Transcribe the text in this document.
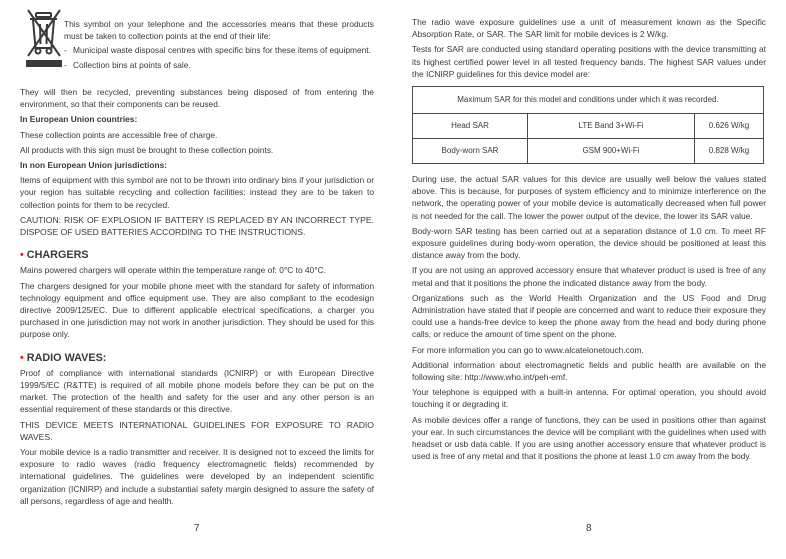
This symbol on your telephone and the accessories means that these products must be taken to collection points at the end of their life:

- Municipal waste disposal centres with specific bins for these items of equipment.
- Collection bins at points of sale.

They will then be recycled, preventing substances being disposed of from entering the environment, so that their components can be reused.

In European Union countries:

These collection points are accessible free of charge.

All products with this sign must be brought to these collection points.

In non European Union jurisdictions:

Items of equipment with this symbol are not to be thrown into ordinary bins if your jurisdiction or your region has suitable recycling and collection facilities; instead they are to be taken to collection points for them to be recycled.

CAUTION: RISK OF EXPLOSION IF BATTERY IS REPLACED BY AN INCORRECT TYPE. DISPOSE OF USED BATTERIES ACCORDING TO THE INSTRUCTIONS.

• CHARGERS

Mains powered chargers will operate within the temperature range of: 0°C to 40°C.

The chargers designed for your mobile phone meet with the standard for safety of information technology equipment and office equipment use. They are also compliant to the ecodesign directive 2009/125/EC. Due to different applicable electrical specifications, a charger you purchased in one jurisdiction may not work in another jurisdiction. They should be used for this purpose only.

• RADIO WAVES:

Proof of compliance with international standards (ICNIRP) or with European Directive 1999/5/EC (R&TTE) is required of all mobile phone models before they can be put on the market. The protection of the health and safety for the user and any other person is an essential requirement of these standards or this directive.

THIS DEVICE MEETS INTERNATIONAL GUIDELINES FOR EXPOSURE TO RADIO WAVES.

Your mobile device is a radio transmitter and receiver. It is designed not to exceed the limits for exposure to radio waves (radio frequency electromagnetic fields) recommended by international guidelines. The guidelines were developed by an independent scientific organization (ICNIRP) and include a substantial safety margin designed to assure the safety of all persons, regardless of age and health.

The radio wave exposure guidelines use a unit of measurement known as the Specific Absorption Rate, or SAR. The SAR limit for mobile devices is 2 W/kg.

Tests for SAR are conducted using standard operating positions with the device transmitting at its highest certified power level in all tested frequency bands. The highest SAR values under the ICNIRP guidelines for this device model are:

Maximum SAR for this model and conditions under which it was recorded.		
Head SAR	LTE Band 3+Wi-Fi	0.626 W/kg
Body-worn SAR	GSM 900+Wi-Fi	0.828 W/kg

During use, the actual SAR values for this device are usually well below the values stated above. This is because, for purposes of system efficiency and to minimize interference on the network, the operating power of your mobile device is automatically decreased when full power is not needed for the call. The lower the power output of the device, the lower its SAR value.

Body-worn SAR testing has been carried out at a separation distance of 1.0 cm. To meet RF exposure guidelines during body-worn operation, the device should be positioned at least this distance away from the body.

If you are not using an approved accessory ensure that whatever product is used is free of any metal and that it positions the phone the indicated distance away from the body.

Organizations such as the World Health Organization and the US Food and Drug Administration have stated that if people are concerned and want to reduce their exposure they could use a hands-free device to keep the phone away from the head and body during phone calls, or reduce the amount of time spent on the phone.

For more information you can go to www.alcatelonetouch.com.

Additional information about electromagnetic fields and public health are available on the following site: http://www.who.int/peh-emf.

Your telephone is equipped with a built-in antenna. For optimal operation, you should avoid touching it or degrading it.

As mobile devices offer a range of functions, they can be used in positions other than against your ear. In such circumstances the device will be compliant with the guidelines when used with headset or usb data cable. If you are using another accessory ensure that whatever product is used is free of any metal and that it positions the phone at least 1.0 cm away from the body.

7	8
